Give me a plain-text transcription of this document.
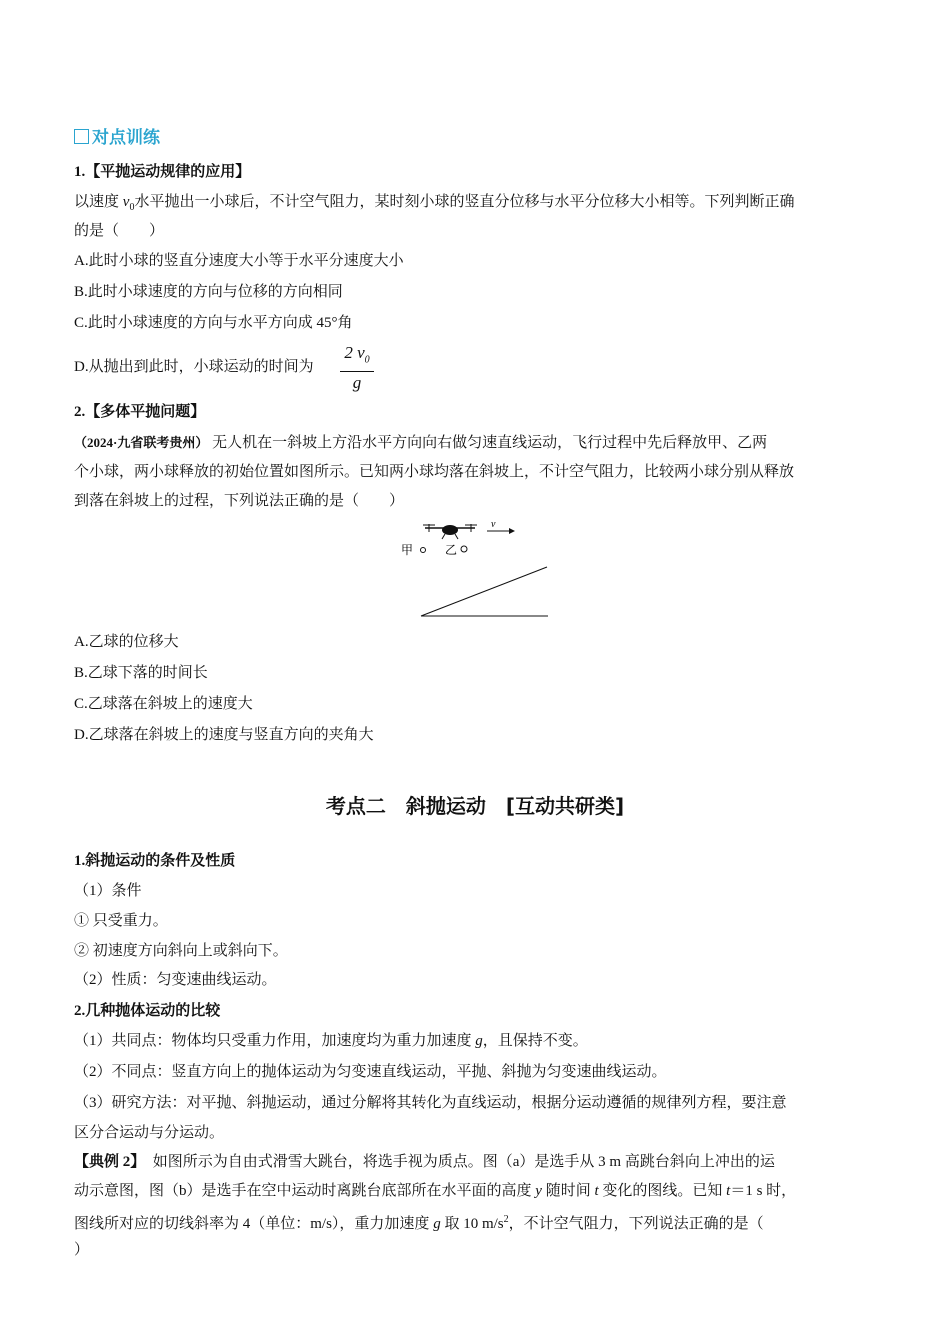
对点训练
1.【平抛运动规律的应用】
以速度 $v_0$水平抛出一小球后，不计空气阻力，某时刻小球的竖直分位移与水平分位移大小相等。下列判断正确
的是（　　）
A.此时小球的竖直分速度大小等于水平分速度大小
B.此时小球速度的方向与位移的方向相同
C.此时小球速度的方向与水平方向成 45°角
D.从抛出到此时，小球运动的时间为
2 $v_0$
g
2.【多体平抛问题】
（2024·九省联考贵州） 无人机在一斜坡上方沿水平方向向右做匀速直线运动，飞行过程中先后释放甲、乙两
个小球，两小球释放的初始位置如图所示。已知两小球均落在斜坡上，不计空气阻力，比较两小球分别从释放
到落在斜坡上的过程，下列说法正确的是（　　）
v
甲	乙
A.乙球的位移大
B.乙球下落的时间长
C.乙球落在斜坡上的速度大
D.乙球落在斜坡上的速度与竖直方向的夹角大
考点二　斜抛运动　[互动共研类]
1.斜抛运动的条件及性质
（1）条件
① 只受重力。
② 初速度方向斜向上或斜向下。
（2）性质：匀变速曲线运动。
2.几种抛体运动的比较
（1）共同点：物体均只受重力作用，加速度均为重力加速度 g，且保持不变。
（2）不同点：竖直方向上的抛体运动为匀变速直线运动，平抛、斜抛为匀变速曲线运动。
（3）研究方法：对平抛、斜抛运动，通过分解将其转化为直线运动，根据分运动遵循的规律列方程，要注意
区分合运动与分运动。
【典例 2】　如图所示为自由式滑雪大跳台，将选手视为质点。图（a）是选手从 3 m 高跳台斜向上冲出的运
动示意图，图（b）是选手在空中运动时离跳台底部所在水平面的高度 y 随时间 t 变化的图线。已知 t＝1 s 时，
图线所对应的切线斜率为 4（单位：m/s），重力加速度 g 取 10 $m/s^2$，不计空气阻力，下列说法正确的是（
）
